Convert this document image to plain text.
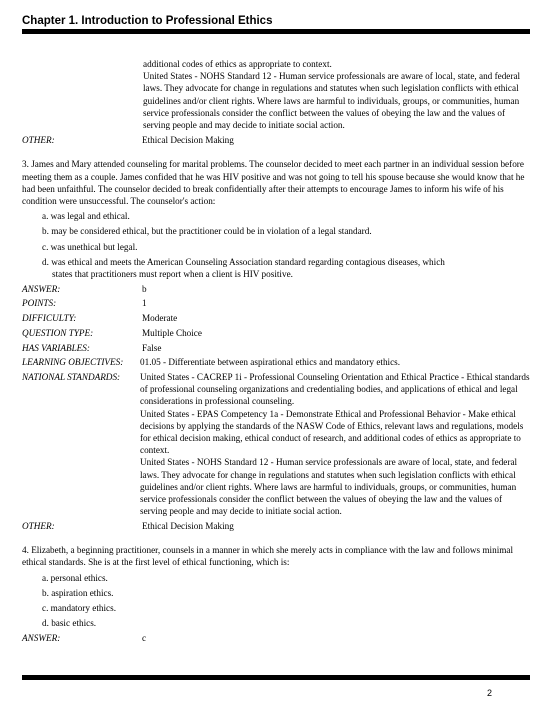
Chapter 1. Introduction to Professional Ethics

additional codes of ethics as appropriate to context.

United States - NOHS Standard 12 - Human service professionals are aware of local, state, and federal laws. They advocate for change in regulations and statutes when such legislation conflicts with ethical guidelines and/or client rights. Where laws are harmful to individuals, groups, or communities, human service professionals consider the conflict between the values of obeying the law and the values of serving people and may decide to initiate social action.

OTHER:	Ethical Decision Making

3. James and Mary attended counseling for marital problems. The counselor decided to meet each partner in an individual session before meeting them as a couple. James confided that he was HIV positive and was not going to tell his spouse because she would know that he had been unfaithful. The counselor decided to break confidentially after their attempts to encourage James to inform his wife of his condition were unsuccessful. The counselor's action:

a. was legal and ethical.

b. may be considered ethical, but the practitioner could be in violation of a legal standard.

c. was unethical but legal.

d. was ethical and meets the American Counseling Association standard regarding contagious diseases, which

states that practitioners must report when a client is HIV positive.

ANSWER:	b
POINTS:	1
DIFFICULTY:	Moderate
QUESTION TYPE:	Multiple Choice
HAS VARIABLES:	False
LEARNING OBJECTIVES:	01.05 - Differentiate between aspirational ethics and mandatory ethics.
NATIONAL STANDARDS:	United States - CACREP 1i - Professional Counseling Orientation and Ethical Practice - Ethical standards of professional counseling organizations and credentialing bodies, and applications of ethical and legal considerations in professional counseling.

United States - EPAS Competency 1a - Demonstrate Ethical and Professional Behavior - Make ethical decisions by applying the standards of the NASW Code of Ethics, relevant laws and regulations, models for ethical decision making, ethical conduct of research, and additional codes of ethics as appropriate to context.

United States - NOHS Standard 12 - Human service professionals are aware of local, state, and federal laws. They advocate for change in regulations and statutes when such legislation conflicts with ethical guidelines and/or client rights. Where laws are harmful to individuals, groups, or communities, human service professionals consider the conflict between the values of obeying the law and the values of serving people and may decide to initiate social action.

OTHER:	Ethical Decision Making

4. Elizabeth, a beginning practitioner, counsels in a manner in which she merely acts in compliance with the law and follows minimal ethical standards. She is at the first level of ethical functioning, which is:

a. personal ethics.

b. aspiration ethics.

c. mandatory ethics.

d. basic ethics.

ANSWER:	c
2
